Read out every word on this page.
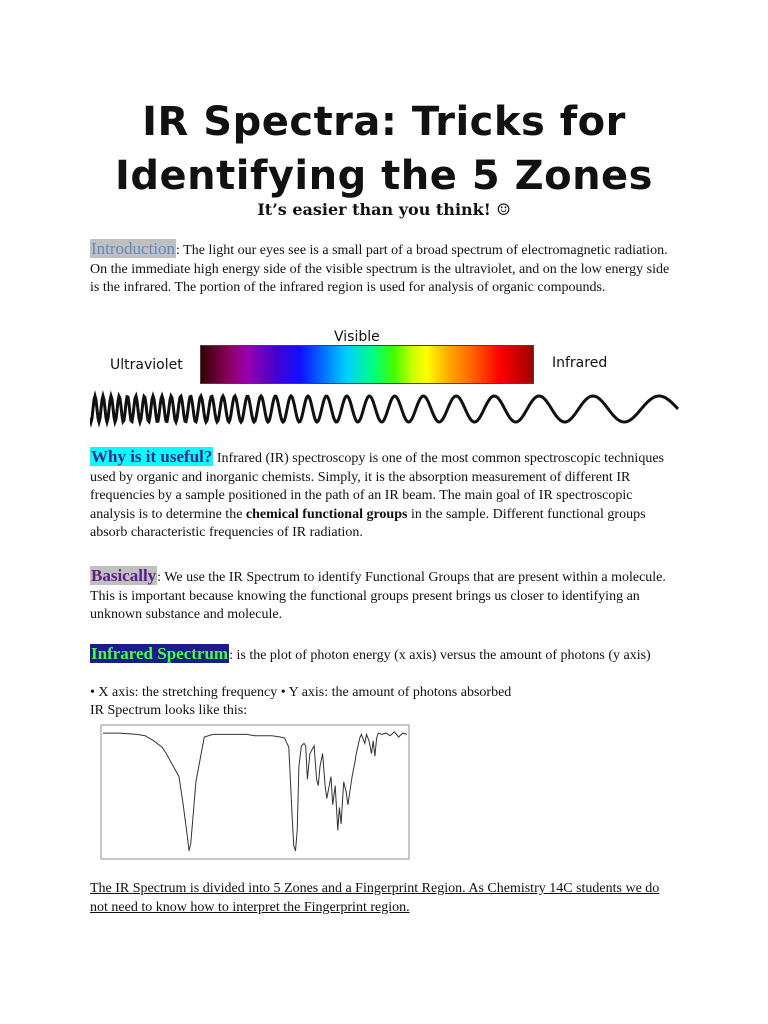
IR Spectra: Tricks for
Identifying the 5 Zones
It’s easier than you think! ☺
Introduction: The light our eyes see is a small part of a broad spectrum of electromagnetic radiation. On the immediate high energy side of the visible spectrum is the ultraviolet, and on the low energy side is the infrared. The portion of the infrared region is used for analysis of organic compounds.
Visible
Ultraviolet	Infrared
Why is it useful? Infrared (IR) spectroscopy is one of the most common spectroscopic techniques used by organic and inorganic chemists. Simply, it is the absorption measurement of different IR frequencies by a sample positioned in the path of an IR beam. The main goal of IR spectroscopic analysis is to determine the chemical functional groups in the sample. Different functional groups absorb characteristic frequencies of IR radiation.
Basically: We use the IR Spectrum to identify Functional Groups that are present within a molecule. This is important because knowing the functional groups present brings us closer to identifying an unknown substance and molecule.
Infrared Spectrum: is the plot of photon energy (x axis) versus the amount of photons (y axis)
• X axis: the stretching frequency • Y axis: the amount of photons absorbed
IR Spectrum looks like this:
The IR Spectrum is divided into 5 Zones and a Fingerprint Region. As Chemistry 14C students we do not need to know how to interpret the Fingerprint region.
